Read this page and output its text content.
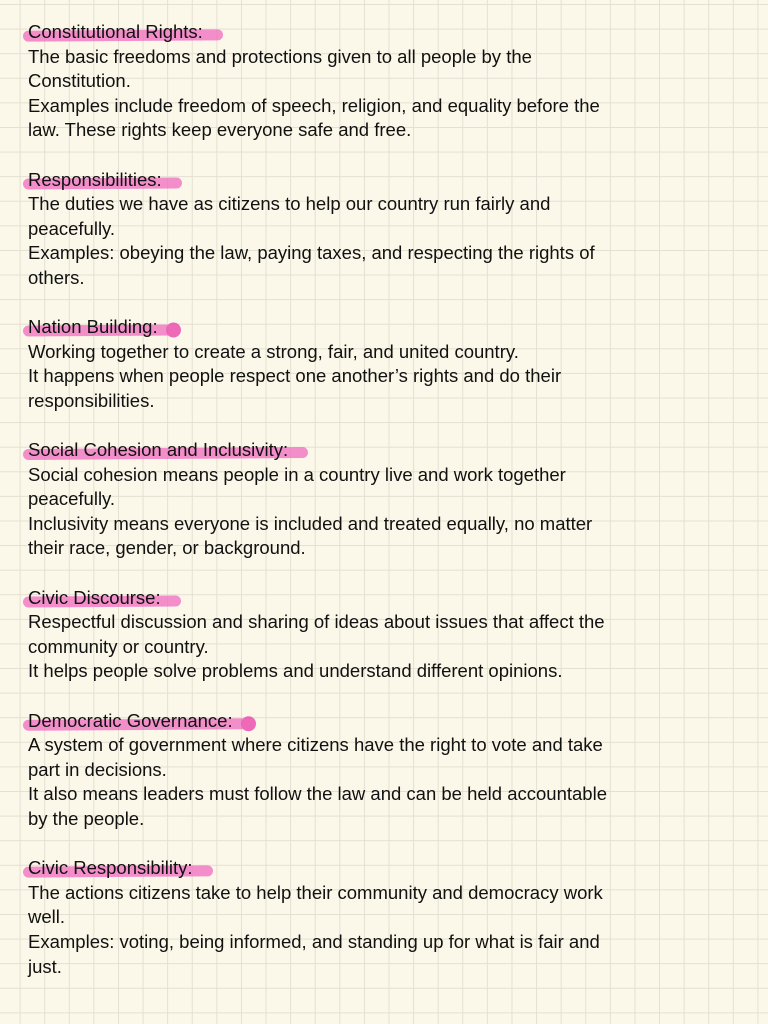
Constitutional Rights:
The basic freedoms and protections given to all people by the
Constitution.
Examples include freedom of speech, religion, and equality before the
law. These rights keep everyone safe and free.
Responsibilities:
The duties we have as citizens to help our country run fairly and
peacefully.
Examples: obeying the law, paying taxes, and respecting the rights of
others.
Nation Building:
Working together to create a strong, fair, and united country.
It happens when people respect one another’s rights and do their
responsibilities.
Social Cohesion and Inclusivity:
Social cohesion means people in a country live and work together
peacefully.
Inclusivity means everyone is included and treated equally, no matter
their race, gender, or background.
Civic Discourse:
Respectful discussion and sharing of ideas about issues that affect the
community or country.
It helps people solve problems and understand different opinions.
Democratic Governance:
A system of government where citizens have the right to vote and take
part in decisions.
It also means leaders must follow the law and can be held accountable
by the people.
Civic Responsibility:
The actions citizens take to help their community and democracy work
well.
Examples: voting, being informed, and standing up for what is fair and
just.
